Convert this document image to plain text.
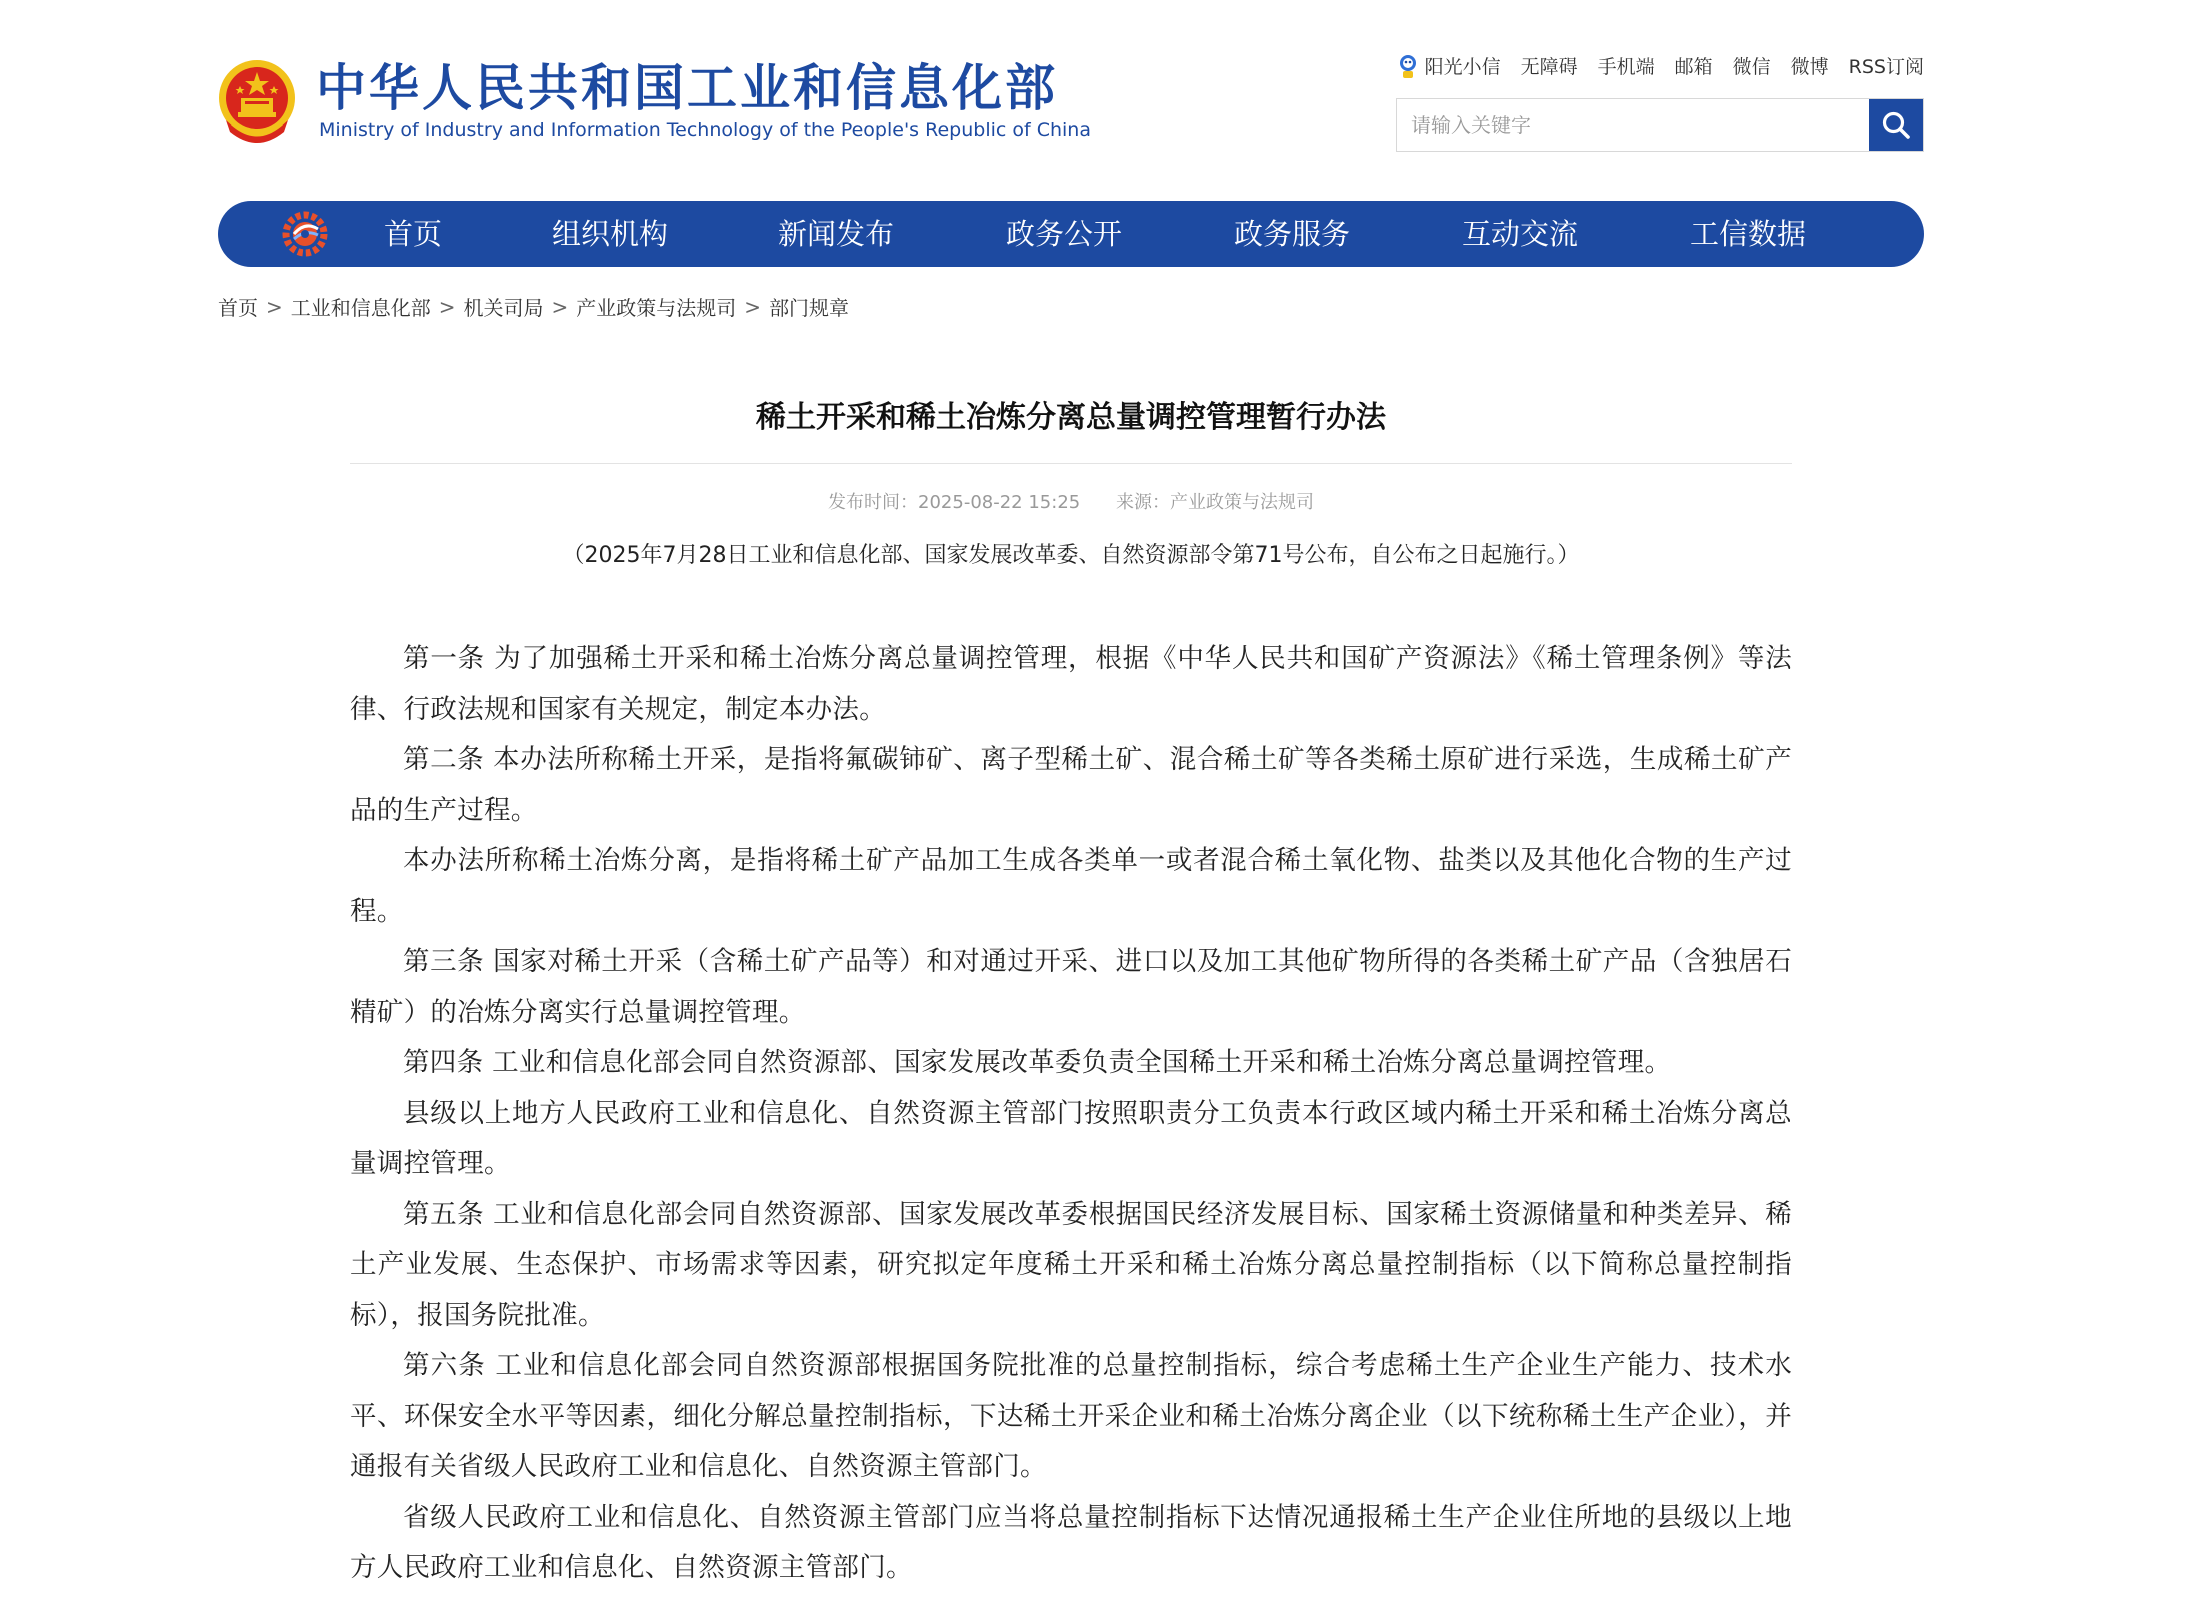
中华人民共和国工业和信息化部
Ministry of Industry and Information Technology of the People's Republic of China
阳光小信 无障碍 手机端 邮箱 微信 微博 RSS订阅
请输入关键字
首页	组织机构	新闻发布	政务公开	政务服务	互动交流	工信数据
首页 > 工业和信息化部 > 机关司局 > 产业政策与法规司 > 部门规章
稀土开采和稀土冶炼分离总量调控管理暂行办法
发布时间：2025-08-22 15:25 来源：产业政策与法规司
（2025年7月28日工业和信息化部、国家发展改革委、自然资源部令第71号公布，自公布之日起施行。）

第一条 为了加强稀土开采和稀土冶炼分离总量调控管理，根据《中华人民共和国矿产资源法》《稀土管理条例》等法律、行政法规和国家有关规定，制定本办法。

第二条 本办法所称稀土开采，是指将氟碳铈矿、离子型稀土矿、混合稀土矿等各类稀土原矿进行采选，生成稀土矿产品的生产过程。

本办法所称稀土冶炼分离，是指将稀土矿产品加工生成各类单一或者混合稀土氧化物、盐类以及其他化合物的生产过程。

第三条 国家对稀土开采（含稀土矿产品等）和对通过开采、进口以及加工其他矿物所得的各类稀土矿产品（含独居石精矿）的冶炼分离实行总量调控管理。

第四条 工业和信息化部会同自然资源部、国家发展改革委负责全国稀土开采和稀土冶炼分离总量调控管理。

县级以上地方人民政府工业和信息化、自然资源主管部门按照职责分工负责本行政区域内稀土开采和稀土冶炼分离总量调控管理。

第五条 工业和信息化部会同自然资源部、国家发展改革委根据国民经济发展目标、国家稀土资源储量和种类差异、稀土产业发展、生态保护、市场需求等因素，研究拟定年度稀土开采和稀土冶炼分离总量控制指标（以下简称总量控制指标），报国务院批准。

第六条 工业和信息化部会同自然资源部根据国务院批准的总量控制指标，综合考虑稀土生产企业生产能力、技术水平、环保安全水平等因素，细化分解总量控制指标，下达稀土开采企业和稀土冶炼分离企业（以下统称稀土生产企业），并通报有关省级人民政府工业和信息化、自然资源主管部门。

省级人民政府工业和信息化、自然资源主管部门应当将总量控制指标下达情况通报稀土生产企业住所地的县级以上地方人民政府工业和信息化、自然资源主管部门。
